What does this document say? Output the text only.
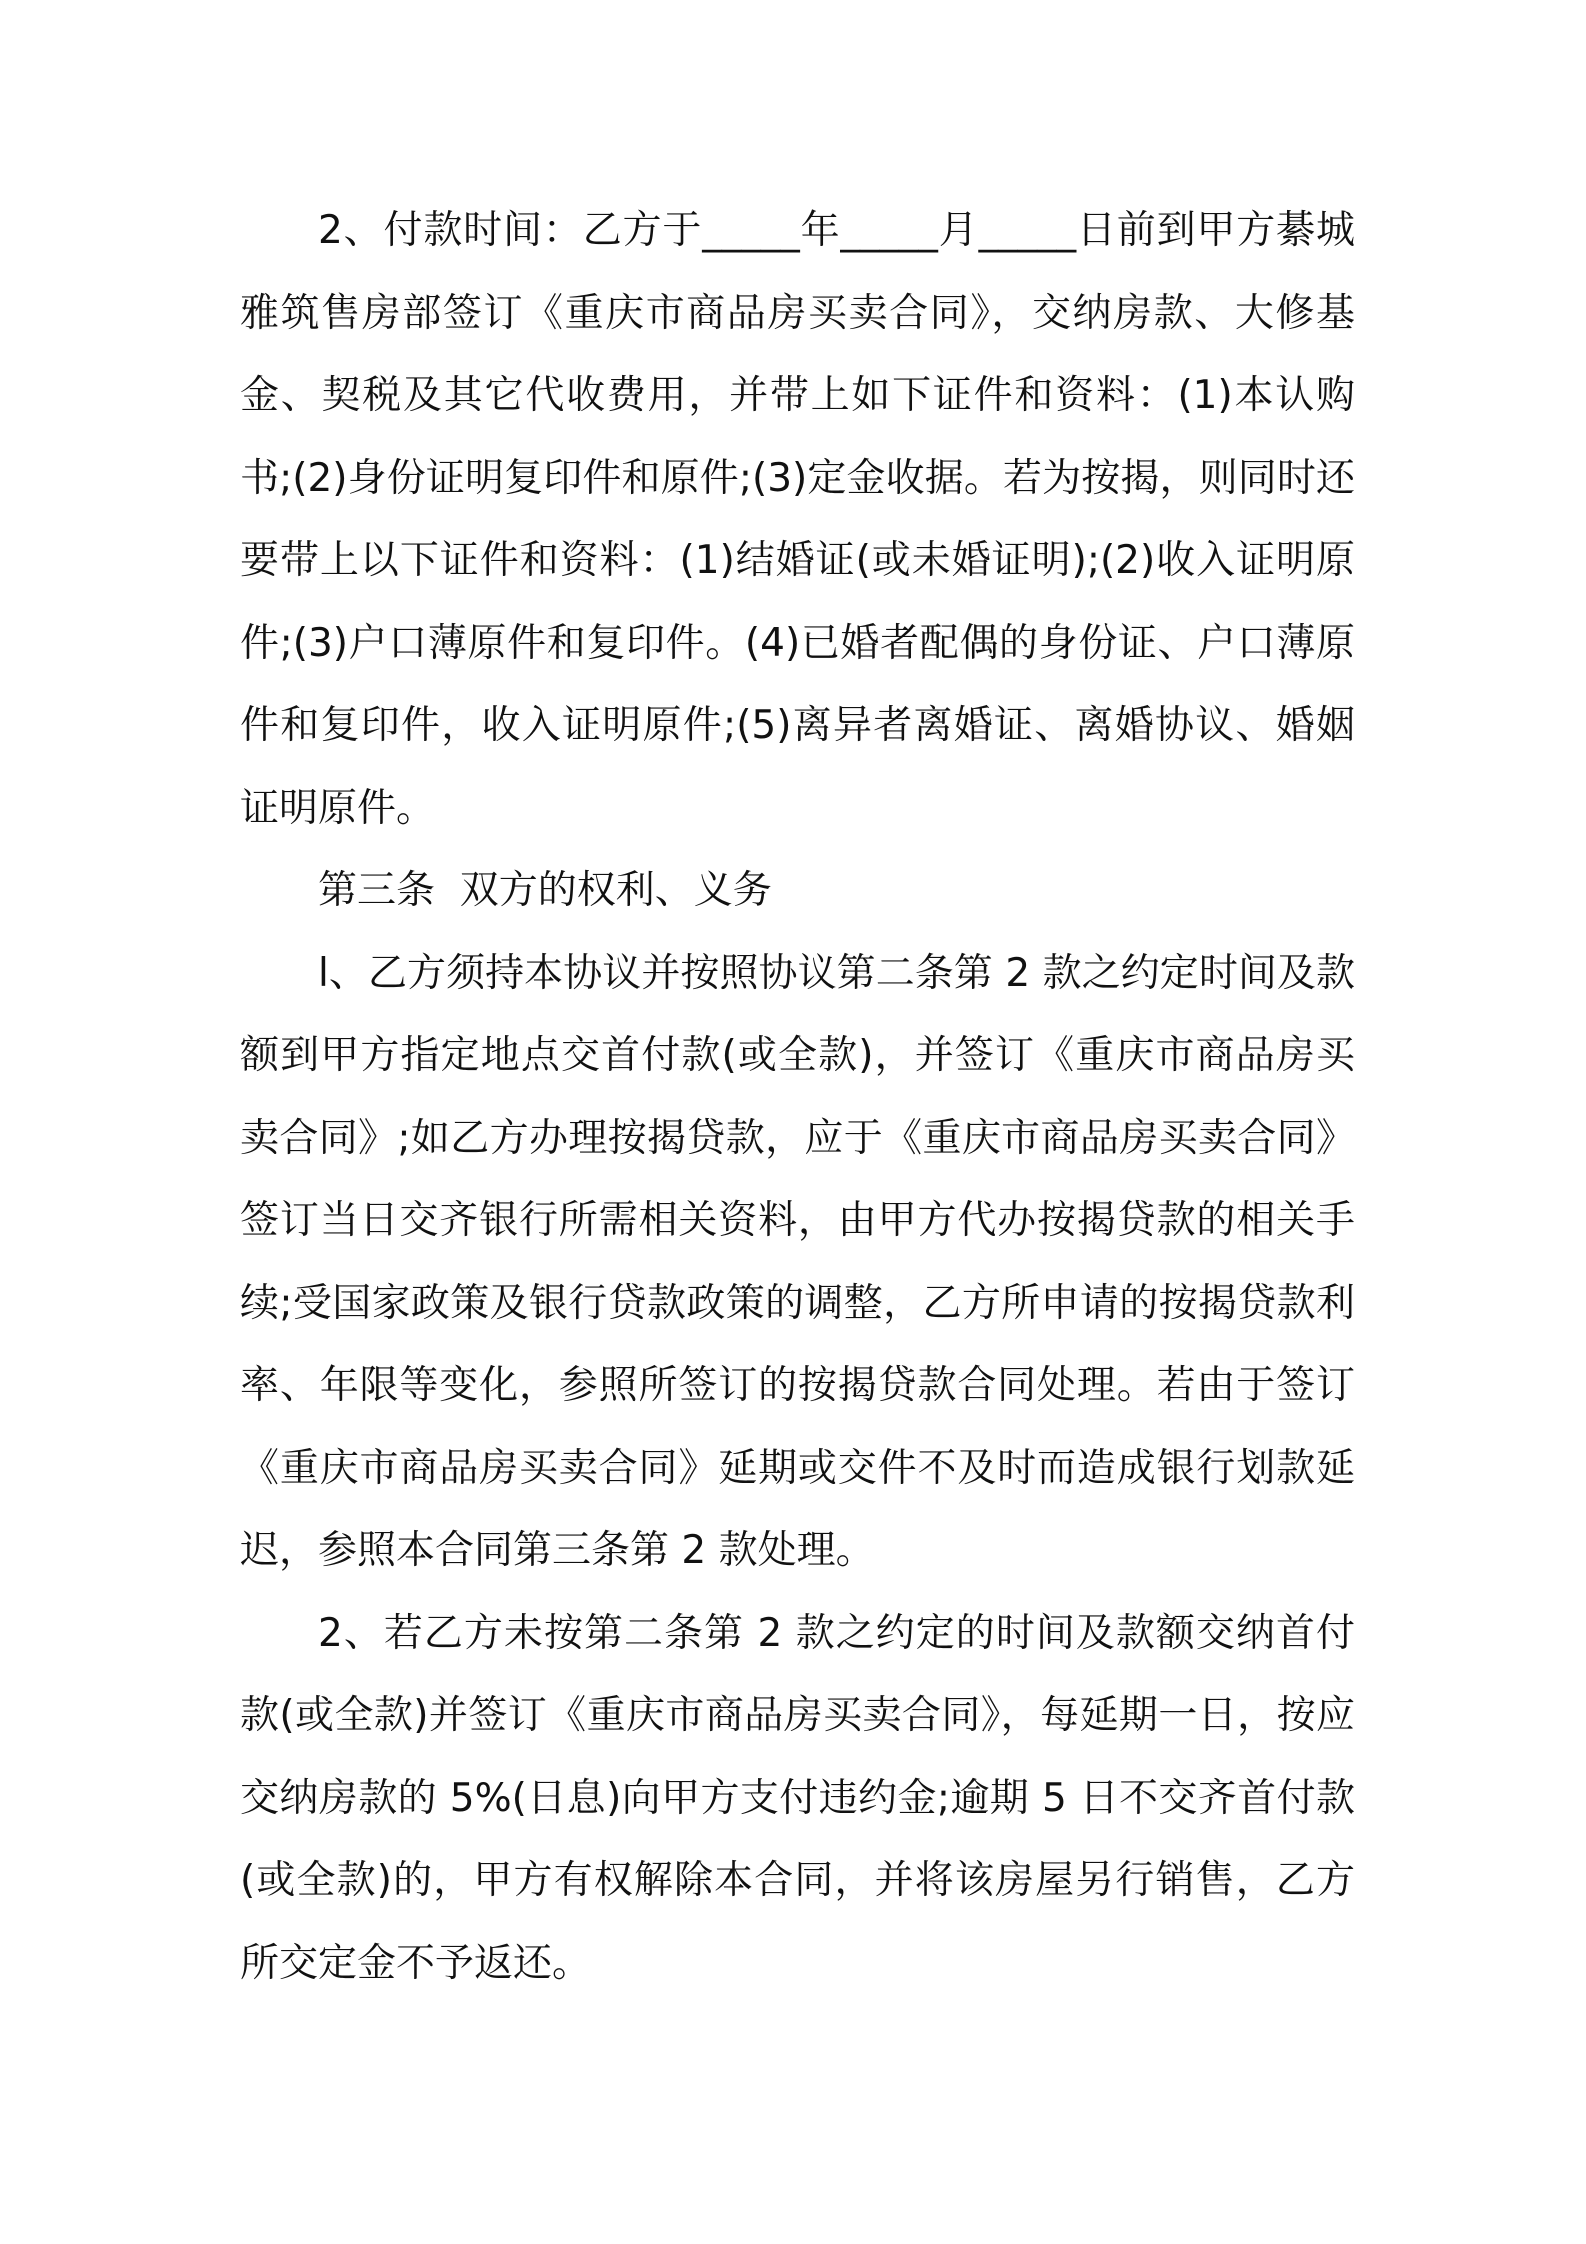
2、付款时间：乙方于_____年_____月_____日前到甲方綦城雅筑售房部签订《重庆市商品房买卖合同》，交纳房款、大修基金、契税及其它代收费用，并带上如下证件和资料：(1)本认购书;(2)身份证明复印件和原件;(3)定金收据。若为按揭，则同时还要带上以下证件和资料：(1)结婚证(或未婚证明);(2)收入证明原件;(3)户口薄原件和复印件。(4)已婚者配偶的身份证、户口薄原件和复印件，收入证明原件;(5)离异者离婚证、离婚协议、婚姻证明原件。

第三条  双方的权利、义务

l、乙方须持本协议并按照协议第二条第 2 款之约定时间及款额到甲方指定地点交首付款(或全款)，并签订《重庆市商品房买卖合同》;如乙方办理按揭贷款，应于《重庆市商品房买卖合同》签订当日交齐银行所需相关资料，由甲方代办按揭贷款的相关手续;受国家政策及银行贷款政策的调整，乙方所申请的按揭贷款利率、年限等变化，参照所签订的按揭贷款合同处理。若由于签订《重庆市商品房买卖合同》延期或交件不及时而造成银行划款延迟，参照本合同第三条第 2 款处理。

2、若乙方未按第二条第 2 款之约定的时间及款额交纳首付款(或全款)并签订《重庆市商品房买卖合同》，每延期一日，按应交纳房款的 5%(日息)向甲方支付违约金;逾期 5 日不交齐首付款(或全款)的，甲方有权解除本合同，并将该房屋另行销售，乙方所交定金不予返还。
